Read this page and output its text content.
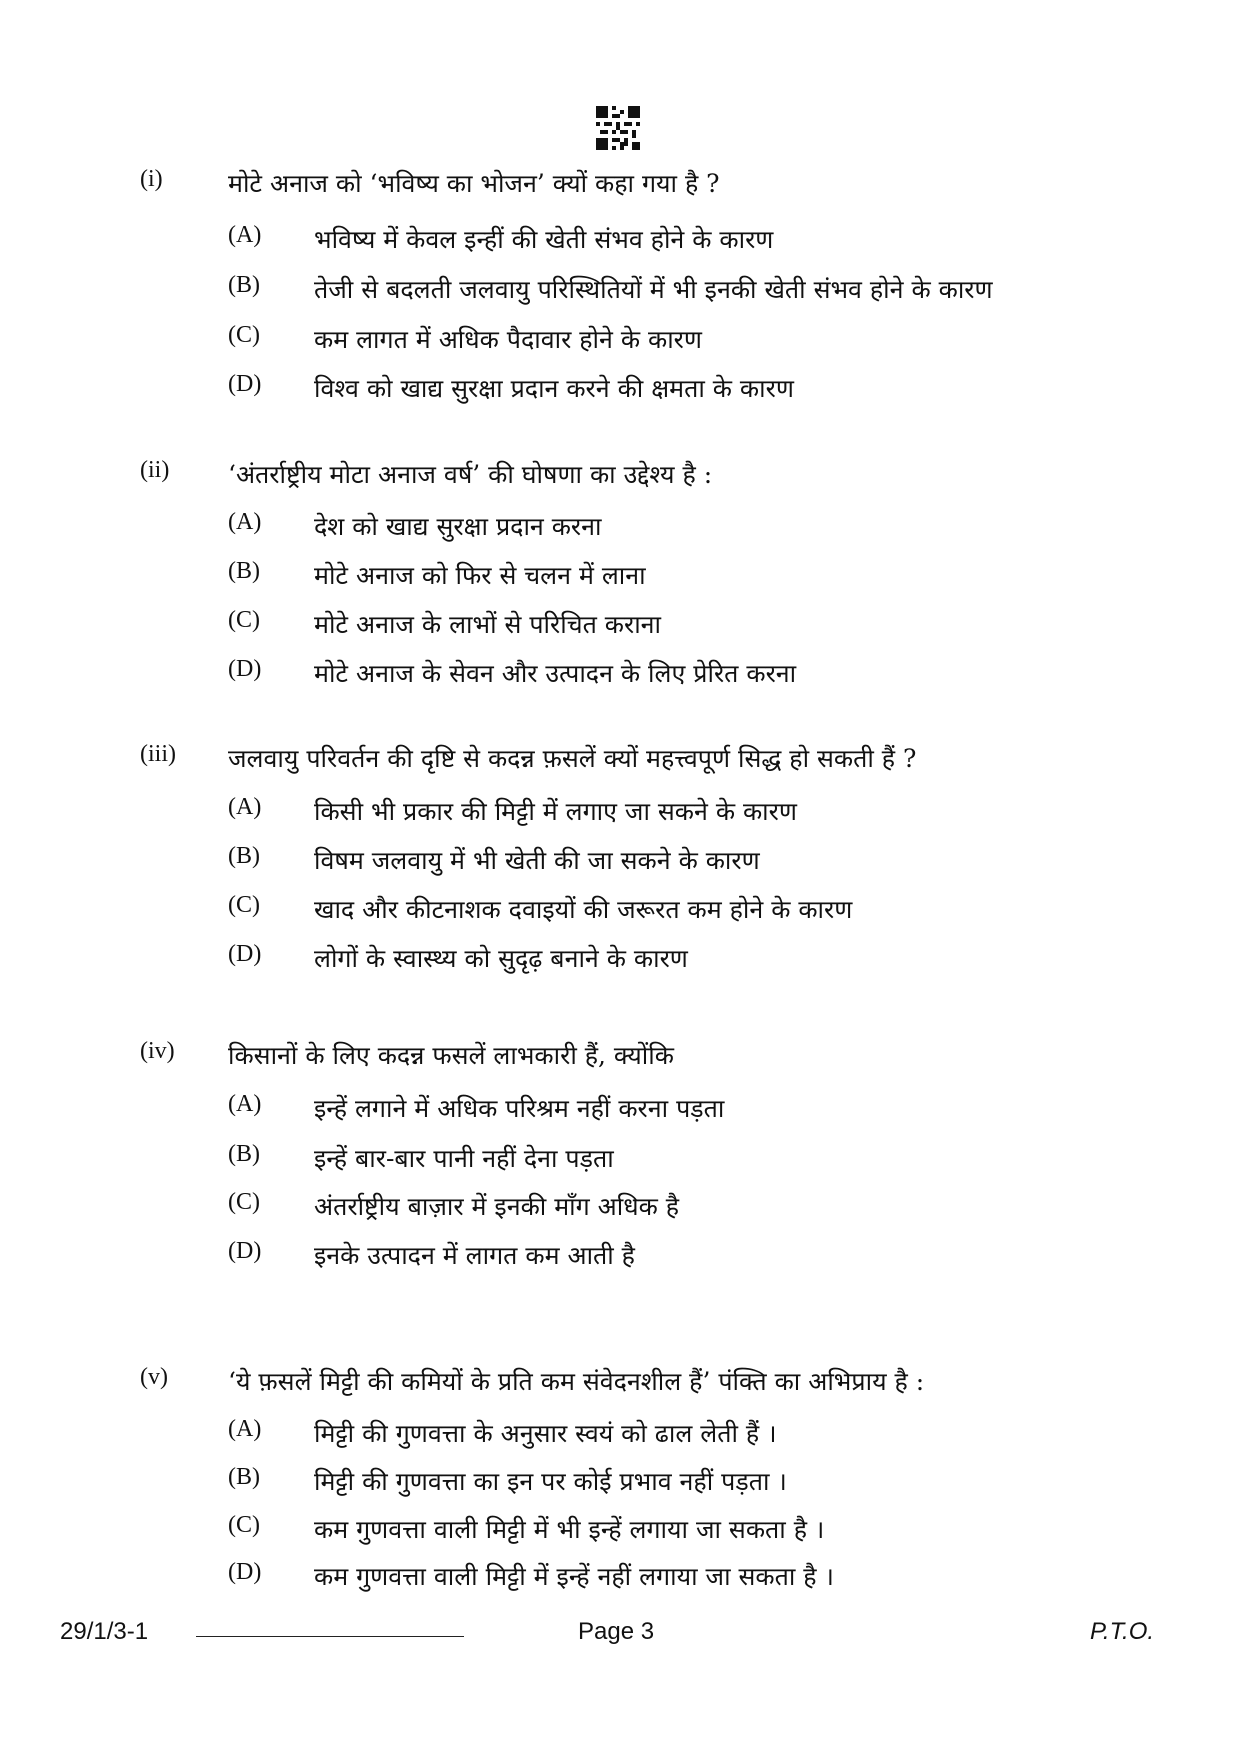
(i)	मोटे अनाज को ‘भविष्य का भोजन’ क्यों कहा गया है ?
(A) भविष्य में केवल इन्हीं की खेती संभव होने के कारण
(B) तेजी से बदलती जलवायु परिस्थितियों में भी इनकी खेती संभव होने के कारण
(C) कम लागत में अधिक पैदावार होने के कारण
(D) विश्व को खाद्य सुरक्षा प्रदान करने की क्षमता के कारण
(ii) ‘अंतर्राष्ट्रीय मोटा अनाज वर्ष’ की घोषणा का उद्देश्य है :
(A) देश को खाद्य सुरक्षा प्रदान करना
(B) मोटे अनाज को फिर से चलन में लाना
(C) मोटे अनाज के लाभों से परिचित कराना
(D) मोटे अनाज के सेवन और उत्पादन के लिए प्रेरित करना
(iii) जलवायु परिवर्तन की दृष्टि से कदन्न फ़सलें क्यों महत्त्वपूर्ण सिद्ध हो सकती हैं ?
(A) किसी भी प्रकार की मिट्टी में लगाए जा सकने के कारण
(B) विषम जलवायु में भी खेती की जा सकने के कारण
(C) खाद और कीटनाशक दवाइयों की जरूरत कम होने के कारण
(D) लोगों के स्वास्थ्य को सुदृढ़ बनाने के कारण
(iv) किसानों के लिए कदन्न फसलें लाभकारी हैं, क्योंकि
(A) इन्हें लगाने में अधिक परिश्रम नहीं करना पड़ता
(B) इन्हें बार-बार पानी नहीं देना पड़ता
(C) अंतर्राष्ट्रीय बाज़ार में इनकी माँग अधिक है
(D) इनके उत्पादन में लागत कम आती है
(v) ‘ये फ़सलें मिट्टी की कमियों के प्रति कम संवेदनशील हैं’ पंक्ति का अभिप्राय है :
(A) मिट्टी की गुणवत्ता के अनुसार स्वयं को ढाल लेती हैं ।
(B) मिट्टी की गुणवत्ता का इन पर कोई प्रभाव नहीं पड़ता ।
(C) कम गुणवत्ता वाली मिट्टी में भी इन्हें लगाया जा सकता है ।
(D) कम गुणवत्ता वाली मिट्टी में इन्हें नहीं लगाया जा सकता है ।
29/1/3-1	Page 3	P.T.O.
